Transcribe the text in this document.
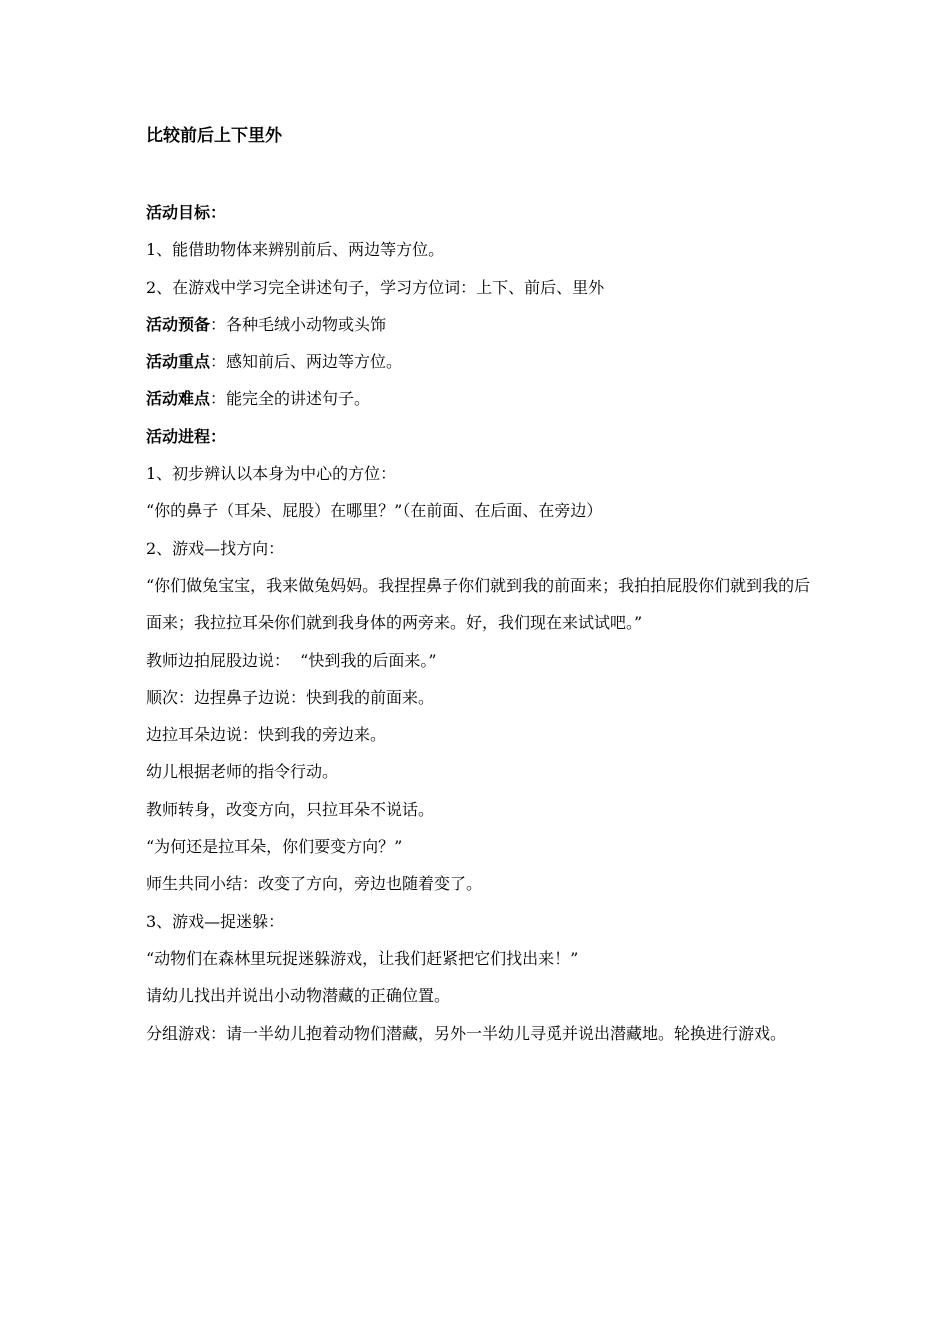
比较前后上下里外

活动目标：

1、能借助物体来辨别前后、两边等方位。

2、在游戏中学习完全讲述句子，学习方位词：上下、前后、里外

活动预备：各种毛绒小动物或头饰

活动重点：感知前后、两边等方位。

活动难点：能完全的讲述句子。

活动进程：

1、初步辨认以本身为中心的方位：

“你的鼻子（耳朵、屁股）在哪里？”（在前面、在后面、在旁边）

2、游戏—找方向：

“你们做兔宝宝，我来做兔妈妈。我捏捏鼻子你们就到我的前面来；我拍拍屁股你们就到我的后面来；我拉拉耳朵你们就到我身体的两旁来。好，我们现在来试试吧。”

教师边拍屁股边说：  “快到我的后面来。”

顺次：边捏鼻子边说：快到我的前面来。

边拉耳朵边说：快到我的旁边来。

幼儿根据老师的指令行动。

教师转身，改变方向，只拉耳朵不说话。

“为何还是拉耳朵，你们要变方向？”

师生共同小结：改变了方向，旁边也随着变了。

3、游戏—捉迷躲：

“动物们在森林里玩捉迷躲游戏，让我们赶紧把它们找出来！”

请幼儿找出并说出小动物潜藏的正确位置。

分组游戏：请一半幼儿抱着动物们潜藏，另外一半幼儿寻觅并说出潜藏地。轮换进行游戏。
